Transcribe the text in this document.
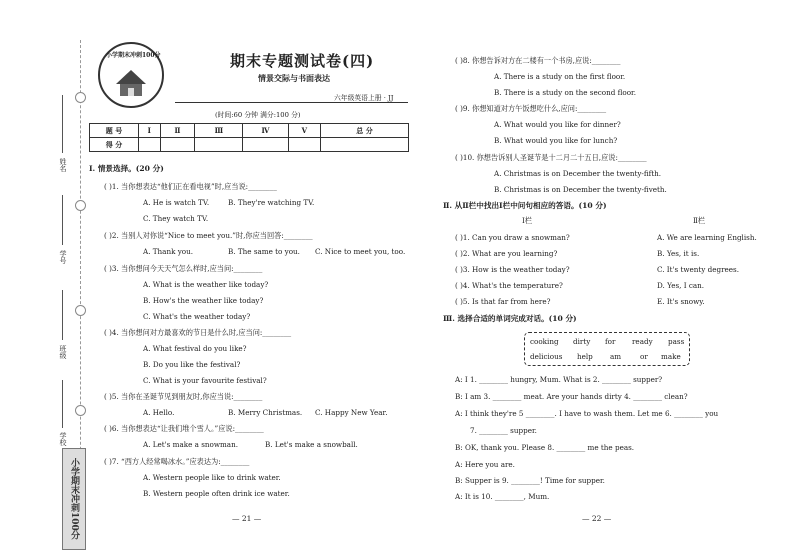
姓名
学号
班级
学校
小学期末冲刺100分
小学期末冲刺100分	期末专题测试卷(四)
情景交际与书面表达
六年级英语上册 · JJ
(时间:60 分钟 满分:100 分)
题 号	Ⅰ	Ⅱ	Ⅲ	Ⅳ	Ⅴ	总 分
得 分						
Ⅰ. 情景选择。(20 分)
( )1. 当你想表达“他们正在看电视”时,应当说:________
A. He is watch TV.	B. They're watching TV.
C. They watch TV.
( )2. 当别人对你说“Nice to meet you.”时,你应当回答:________
A. Thank you.	B. The same to you. C. Nice to meet you, too.
( )3. 当你想问今天天气怎么样时,应当问:________
A. What is the weather like today?
B. How's the weather like today?
C. What's the weather today?
( )4. 当你想问对方最喜欢的节日是什么时,应当问:________
A. What festival do you like?
B. Do you like the festival?
C. What is your favourite festival?
( )5. 当你在圣诞节见到朋友时,你应当说:________
A. Hello.	B. Merry Christmas. C. Happy New Year.
( )6. 当你想表达“让我们堆个雪人。”应说:________
A. Let's make a snowman.	B. Let's make a snowball.
( )7. “西方人经常喝冰水。”应表达为:________
A. Western people like to drink water.
B. Western people often drink ice water.
— 21 —
( )8. 你想告诉对方在二楼有一个书房,应说:________
A. There is a study on the first floor.
B. There is a study on the second floor.
( )9. 你想知道对方午饭想吃什么,应问:________
A. What would you like for dinner?
B. What would you like for lunch?
( )10. 你想告诉别人圣诞节是十二月二十五日,应说:________
A. Christmas is on December the twenty-fifth.
B. Christmas is on December the twenty-fiveth.
Ⅱ. 从Ⅱ栏中找出Ⅰ栏中问句相应的答语。(10 分)
Ⅰ栏	Ⅱ栏
( )1. Can you draw a snowman?	A. We are learning English.
( )2. What are you learning?	B. Yes, it is.
( )3. How is the weather today?	C. It's twenty degrees.
( )4. What's the temperature?	D. Yes, I can.
( )5. Is that far from here?	E. It's snowy.
Ⅲ. 选择合适的单词完成对话。(10 分)
cooking dirty for ready pass
delicious help am	or make
A: I 1. ________ hungry, Mum. What is 2. ________ supper?
B: I am 3. ________ meat. Are your hands dirty 4. ________ clean?
A: I think they're 5 ________. I have to wash them. Let me 6. ________ you
7. ________ supper.
B: OK, thank you. Please 8. ________ me the peas.
A: Here you are.
B: Supper is 9. ________! Time for supper.
A: It is 10. ________, Mum.
— 22 —
